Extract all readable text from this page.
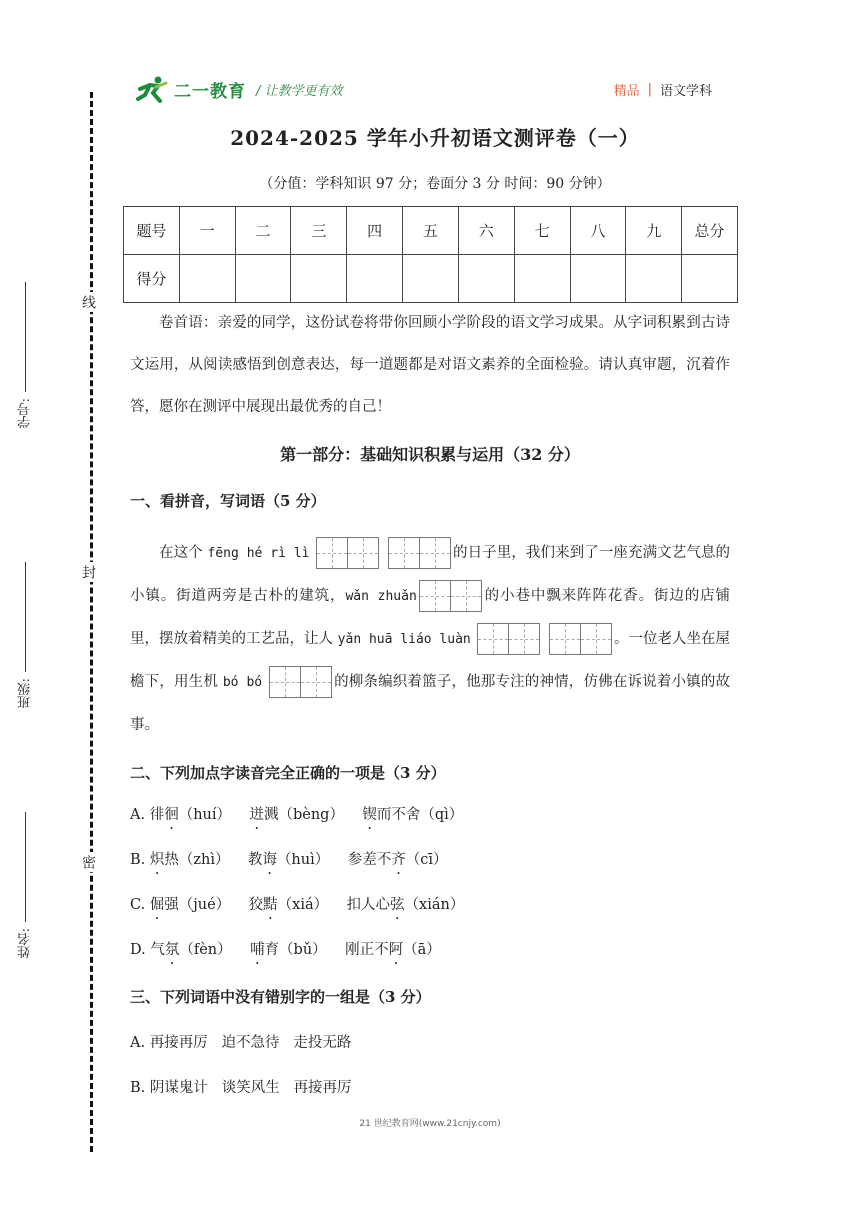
二一教育 / 让教学更有效	精品 | 语文学科
线
封
密
学号:
班级:
姓名:
2024-2025 学年小升初语文测评卷（一）
（分值：学科知识 97 分；卷面分 3 分 时间：90 分钟）
题号	一	二	三	四	五	六	七	八	九	总分
得分										
卷首语：亲爱的同学，这份试卷将带你回顾小学阶段的语文学习成果。从字词积累到古诗文运用，从阅读感悟到创意表达，每一道题都是对语文素养的全面检验。请认真审题，沉着作答，愿你在测评中展现出最优秀的自己！
第一部分：基础知识积累与运用（32 分）
一、看拼音，写词语（5 分）
在这个 fēng hé rì lì
	的日子里，我们来到了一座充满文艺气息的小镇。街道两旁是古朴的建筑，wǎn zhuǎn	的小巷中飘来阵阵花香。街边的店铺里，摆放着精美的工艺品，让人 yǎn huā liáo luàn
	。一位老人坐在屋檐下，用生机 bó bó	的柳条编织着篮子，他那专注的神情，仿佛在诉说着小镇的故事。
二、下列加点字读音完全正确的一项是（3 分）
A. 徘徊（huí）    迸溅（bèng）    锲而不舍（qì）
B. 炽热（zhì）    教诲（huì）    参差不齐（cī）
C. 倔强（jué）    狡黠（xiá）    扣人心弦（xián）
D. 气氛（fèn）    哺育（bǔ）    刚正不阿（ā）
三、下列词语中没有错别字的一组是（3 分）
A. 再接再厉   迫不急待   走投无路
B. 阴谋鬼计   谈笑风生   再接再厉
21 世纪教育网(www.21cnjy.com)
